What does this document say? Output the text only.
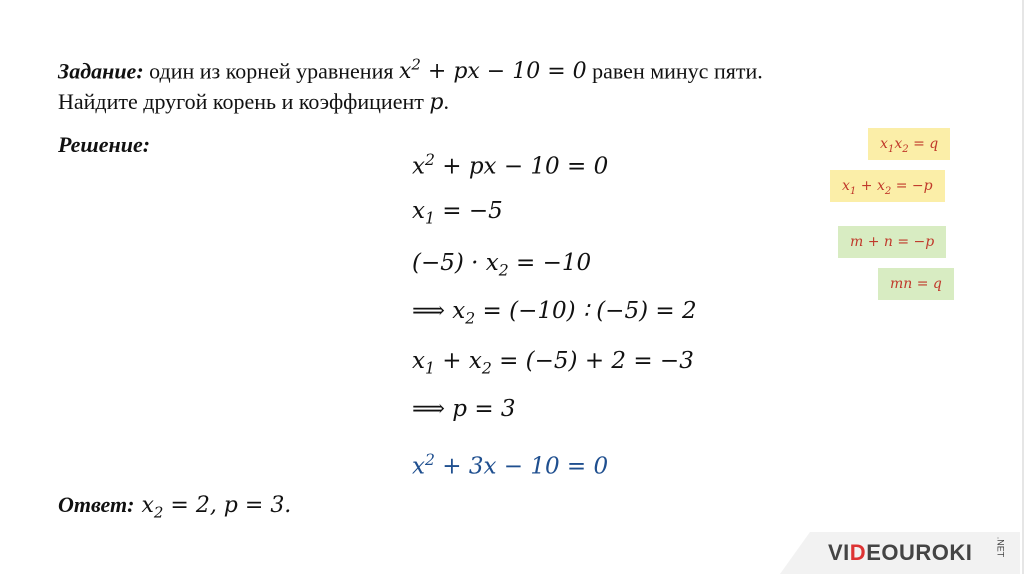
Задание: один из корней уравнения $x^2$ + px − 10 = 0 равен минус пяти.
Найдите другой корень и коэффициент p.
Решение:
$x^2$ + px − 10 = 0
$x_1 = -5$
$(-5) \cdot x_2 = -10$
⟹ $x_2 = (-10)$ ∶ (−5) = 2
$x_1 + x_2 = (-5) + 2 = -3$
⟹ p = 3
$x^2 + 3x - 10 = 0$
$x_1x_2 = q$
$x_1 + x_2 = -p$
m + n = −p
mn = q
Ответ: $x_2 = 2$, p = 3.
VIDEOUROKI	.NET
